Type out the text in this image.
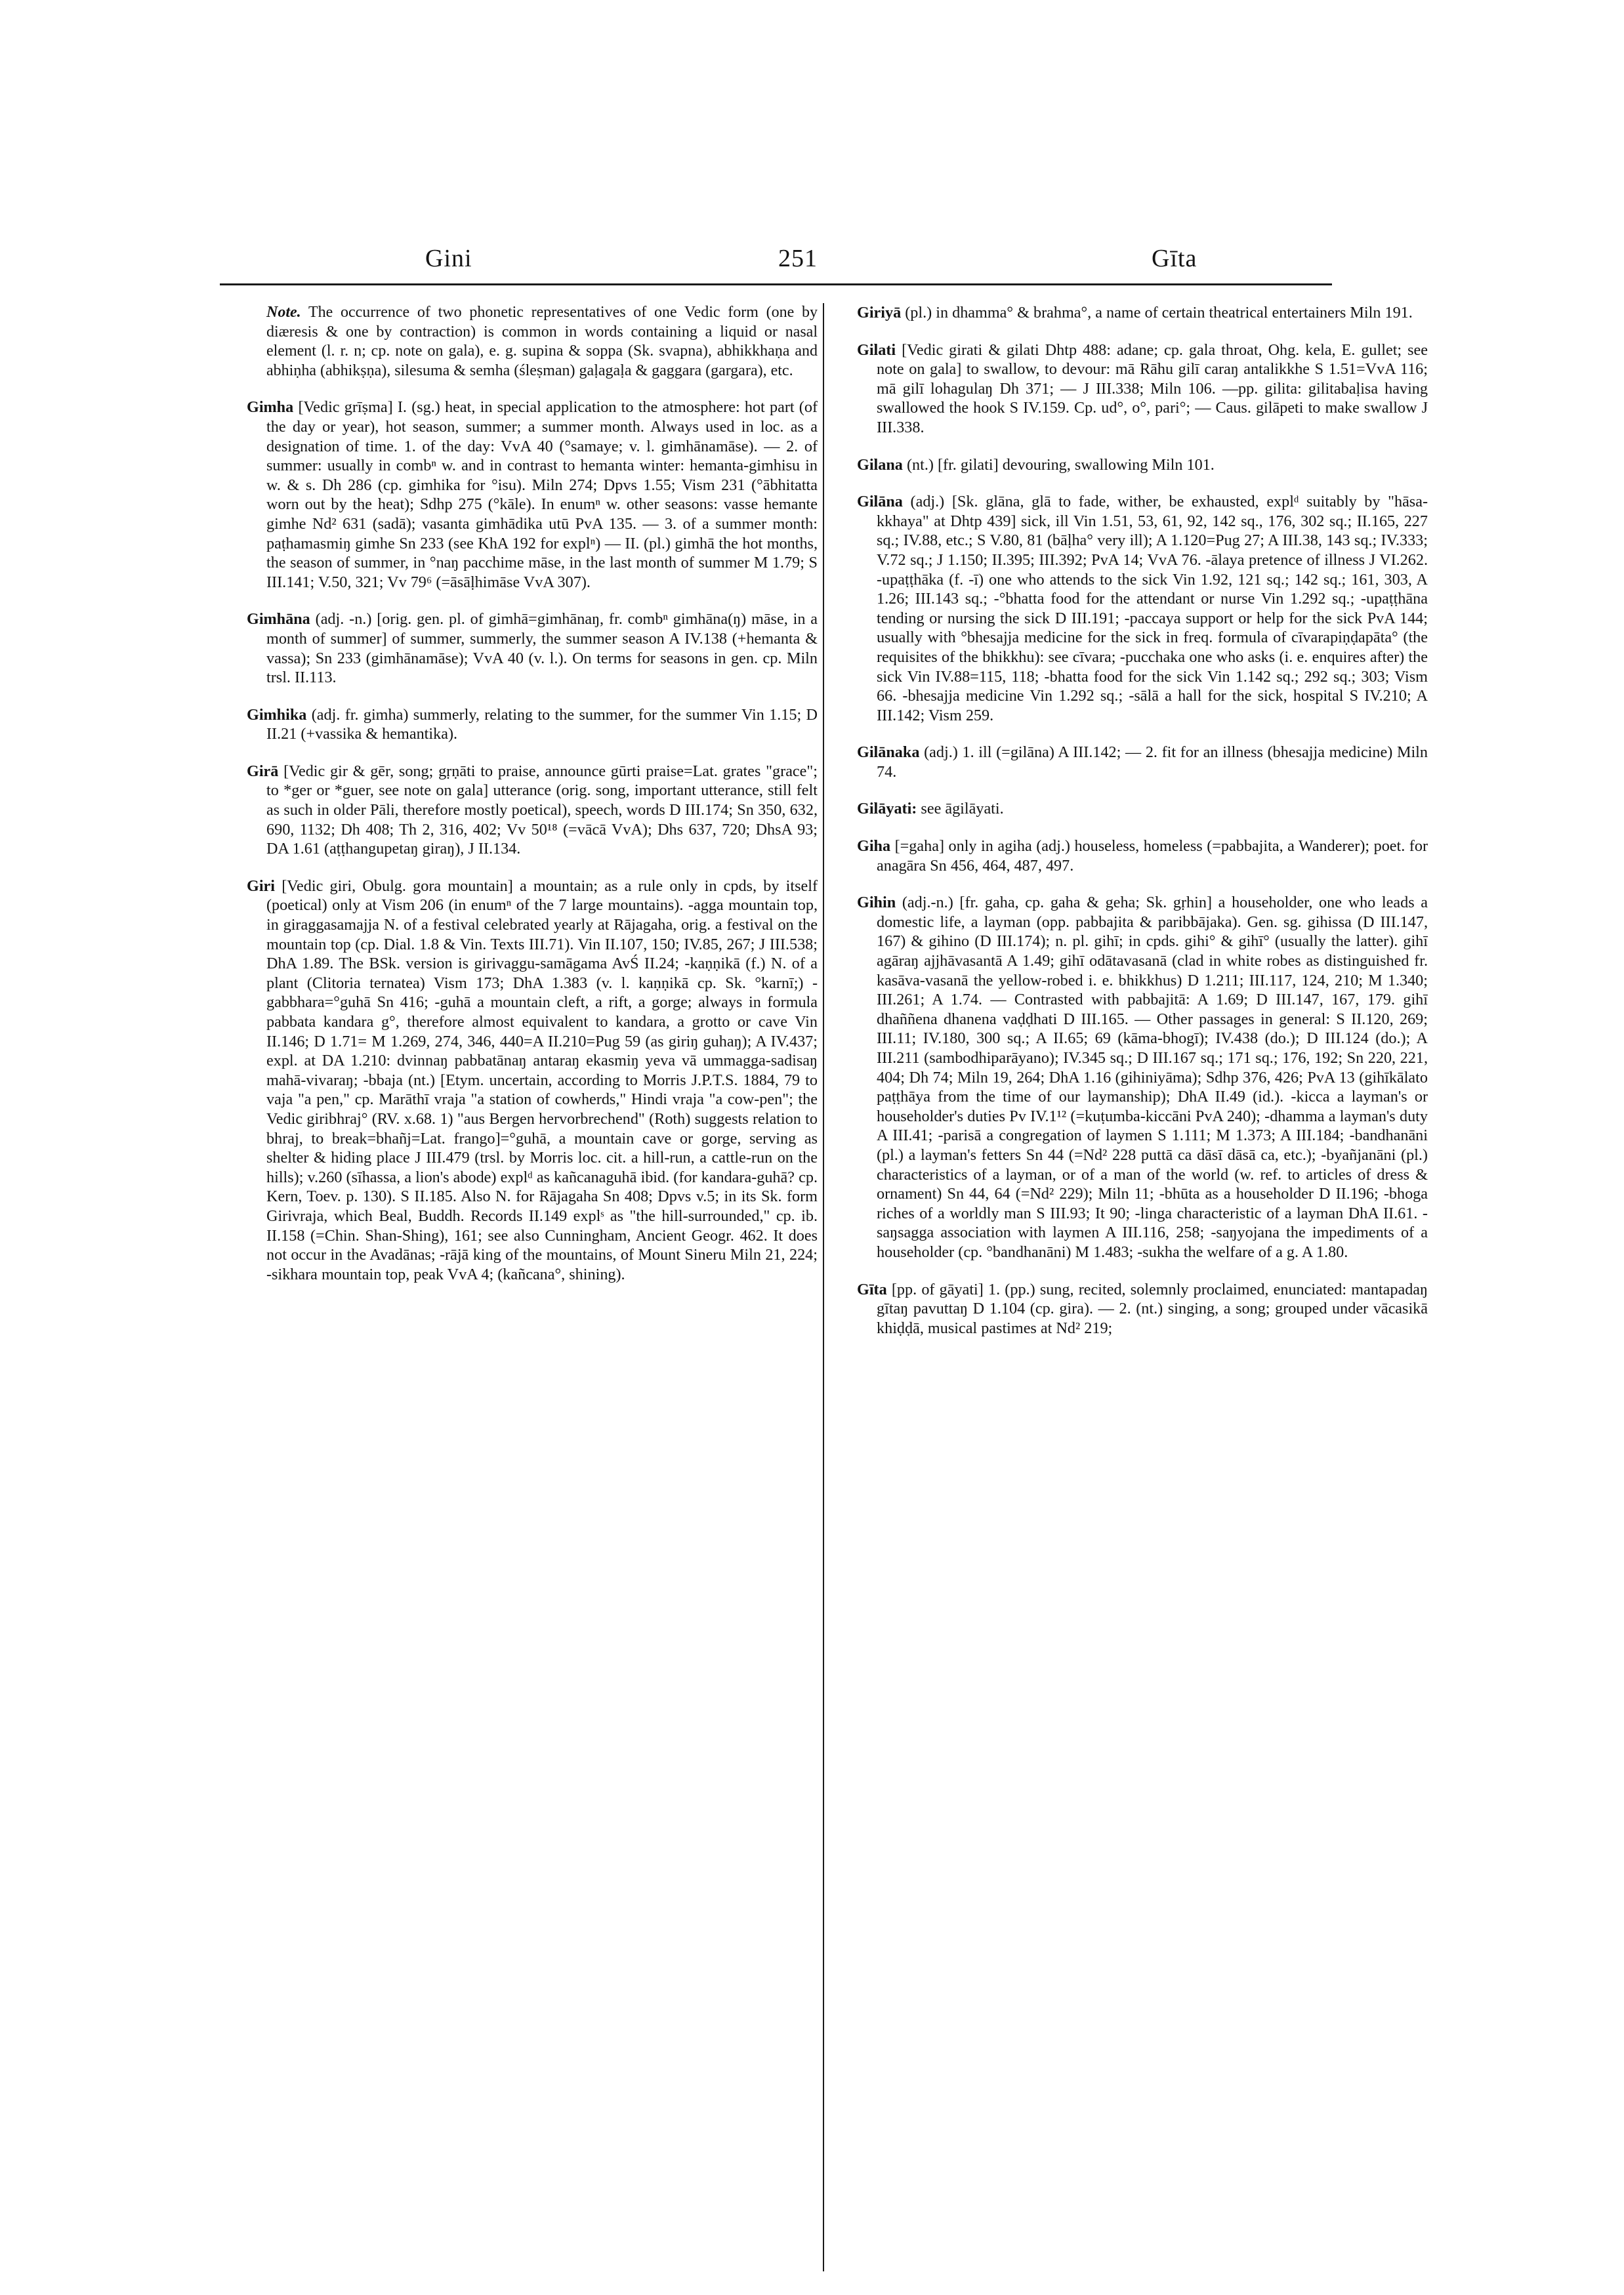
Gini	251	Gīta

Note. The occurrence of two phonetic representatives of one Vedic form (one by diæresis & one by contraction) is common in words containing a liquid or nasal element (l. r. n; cp. note on gala), e. g. supina & soppa (Sk. svapna), abhikkhaṇa and abhiṇha (abhikṣṇa), silesuma & semha (śleṣman) gaḷagaḷa & gaggara (gargara), etc.

Gimha [Vedic grīṣma] I. (sg.) heat, in special application to the atmosphere: hot part (of the day or year), hot season, summer; a summer month. Always used in loc. as a designation of time. 1. of the day: VvA 40 (°samaye; v. l. gimhānamāse). — 2. of summer: usually in combⁿ w. and in contrast to hemanta winter: hemanta-gimhisu in w. & s. Dh 286 (cp. gimhika for °isu). Miln 274; Dpvs 1.55; Vism 231 (°ābhitatta worn out by the heat); Sdhp 275 (°kāle). In enumⁿ w. other seasons: vasse hemante gimhe Nd² 631 (sadā); vasanta gimhādika utū PvA 135. — 3. of a summer month: paṭhamasmiŋ gimhe Sn 233 (see KhA 192 for explⁿ) — II. (pl.) gimhā the hot months, the season of summer, in °naŋ pacchime māse, in the last month of summer M 1.79; S III.141; V.50, 321; Vv 79⁶ (=āsāḷhimāse VvA 307).

Gimhāna (adj. -n.) [orig. gen. pl. of gimhā=gimhānaŋ, fr. combⁿ gimhāna(ŋ) māse, in a month of summer] of summer, summerly, the summer season A IV.138 (+hemanta & vassa); Sn 233 (gimhānamāse); VvA 40 (v. l.). On terms for seasons in gen. cp. Miln trsl. II.113.

Gimhika (adj. fr. gimha) summerly, relating to the summer, for the summer Vin 1.15; D II.21 (+vassika & hemantika).

Girā [Vedic gir & gēr, song; gṛṇāti to praise, announce gūrti praise=Lat. grates "grace"; to *ger or *guer, see note on gala] utterance (orig. song, important utterance, still felt as such in older Pāli, therefore mostly poetical), speech, words D III.174; Sn 350, 632, 690, 1132; Dh 408; Th 2, 316, 402; Vv 50¹⁸ (=vācā VvA); Dhs 637, 720; DhsA 93; DA 1.61 (aṭṭhangupetaŋ giraŋ), J II.134.

Giri [Vedic giri, Obulg. gora mountain] a mountain; as a rule only in cpds, by itself (poetical) only at Vism 206 (in enumⁿ of the 7 large mountains). -agga mountain top, in giraggasamajja N. of a festival celebrated yearly at Rājagaha, orig. a festival on the mountain top (cp. Dial. 1.8 & Vin. Texts III.71). Vin II.107, 150; IV.85, 267; J III.538; DhA 1.89. The BSk. version is girivaggu-samāgama AvŚ II.24; -kaṇṇikā (f.) N. of a plant (Clitoria ternatea) Vism 173; DhA 1.383 (v. l. kaṇṇikā cp. Sk. °karnī;) -gabbhara=°guhā Sn 416; -guhā a mountain cleft, a rift, a gorge; always in formula pabbata kandara g°, therefore almost equivalent to kandara, a grotto or cave Vin II.146; D 1.71= M 1.269, 274, 346, 440=A II.210=Pug 59 (as giriŋ guhaŋ); A IV.437; expl. at DA 1.210: dvinnaŋ pabbatānaŋ antaraŋ ekasmiŋ yeva vā ummagga-sadisaŋ mahā-vivaraŋ; -bbaja (nt.) [Etym. uncertain, according to Morris J.P.T.S. 1884, 79 to vaja "a pen," cp. Marāthī vraja "a station of cowherds," Hindi vraja "a cow-pen"; the Vedic giribhraj° (RV. x.68. 1) "aus Bergen hervorbrechend" (Roth) suggests relation to bhraj, to break=bhañj=Lat. frango]=°guhā, a mountain cave or gorge, serving as shelter & hiding place J III.479 (trsl. by Morris loc. cit. a hill-run, a cattle-run on the hills); v.260 (sīhassa, a lion's abode) explᵈ as kañcanaguhā ibid. (for kandara-guhā? cp. Kern, Toev. p. 130). S II.185. Also N. for Rājagaha Sn 408; Dpvs v.5; in its Sk. form Girivraja, which Beal, Buddh. Records II.149 explˢ as "the hill-surrounded," cp. ib. II.158 (=Chin. Shan-Shing), 161; see also Cunningham, Ancient Geogr. 462. It does not occur in the Avadānas; -rājā king of the mountains, of Mount Sineru Miln 21, 224; -sikhara mountain top, peak VvA 4; (kañcana°, shining).

Giriyā (pl.) in dhamma° & brahma°, a name of certain theatrical entertainers Miln 191.

Gilati [Vedic girati & gilati Dhtp 488: adane; cp. gala throat, Ohg. kela, E. gullet; see note on gala] to swallow, to devour: mā Rāhu gilī caraŋ antalikkhe S 1.51=VvA 116; mā gilī lohagulaŋ Dh 371; — J III.338; Miln 106. —pp. gilita: gilitabaḷisa having swallowed the hook S IV.159. Cp. ud°, o°, pari°; — Caus. gilāpeti to make swallow J III.338.

Gilana (nt.) [fr. gilati] devouring, swallowing Miln 101.

Gilāna (adj.) [Sk. glāna, glā to fade, wither, be exhausted, explᵈ suitably by "hāsa-kkhaya" at Dhtp 439] sick, ill Vin 1.51, 53, 61, 92, 142 sq., 176, 302 sq.; II.165, 227 sq.; IV.88, etc.; S V.80, 81 (bāḷha° very ill); A 1.120=Pug 27; A III.38, 143 sq.; IV.333; V.72 sq.; J 1.150; II.395; III.392; PvA 14; VvA 76. -ālaya pretence of illness J VI.262. -upaṭṭhāka (f. -ī) one who attends to the sick Vin 1.92, 121 sq.; 142 sq.; 161, 303, A 1.26; III.143 sq.; -°bhatta food for the attendant or nurse Vin 1.292 sq.; -upaṭṭhāna tending or nursing the sick D III.191; -paccaya support or help for the sick PvA 144; usually with °bhesajja medicine for the sick in freq. formula of cīvarapiṇḍapāta° (the requisites of the bhikkhu): see cīvara; -pucchaka one who asks (i. e. enquires after) the sick Vin IV.88=115, 118; -bhatta food for the sick Vin 1.142 sq.; 292 sq.; 303; Vism 66. -bhesajja medicine Vin 1.292 sq.; -sālā a hall for the sick, hospital S IV.210; A III.142; Vism 259.

Gilānaka (adj.) 1. ill (=gilāna) A III.142; — 2. fit for an illness (bhesajja medicine) Miln 74.

Gilāyati: see āgilāyati.

Giha [=gaha] only in agiha (adj.) houseless, homeless (=pabbajita, a Wanderer); poet. for anagāra Sn 456, 464, 487, 497.

Gihin (adj.-n.) [fr. gaha, cp. gaha & geha; Sk. gṛhin] a householder, one who leads a domestic life, a layman (opp. pabbajita & paribbājaka). Gen. sg. gihissa (D III.147, 167) & gihino (D III.174); n. pl. gihī; in cpds. gihi° & gihī° (usually the latter). gihī agāraŋ ajjhāvasantā A 1.49; gihī odātavasanā (clad in white robes as distinguished fr. kasāva-vasanā the yellow-robed i. e. bhikkhus) D 1.211; III.117, 124, 210; M 1.340; III.261; A 1.74. — Contrasted with pabbajitā: A 1.69; D III.147, 167, 179. gihī dhaññena dhanena vaḍḍhati D III.165. — Other passages in general: S II.120, 269; III.11; IV.180, 300 sq.; A II.65; 69 (kāma-bhogī); IV.438 (do.); D III.124 (do.); A III.211 (sambodhiparāyano); IV.345 sq.; D III.167 sq.; 171 sq.; 176, 192; Sn 220, 221, 404; Dh 74; Miln 19, 264; DhA 1.16 (gihiniyāma); Sdhp 376, 426; PvA 13 (gihīkālato paṭṭhāya from the time of our laymanship); DhA II.49 (id.). -kicca a layman's or householder's duties Pv IV.1¹² (=kuṭumba-kiccāni PvA 240); -dhamma a layman's duty A III.41; -parisā a congregation of laymen S 1.111; M 1.373; A III.184; -bandhanāni (pl.) a layman's fetters Sn 44 (=Nd² 228 puttā ca dāsī dāsā ca, etc.); -byañjanāni (pl.) characteristics of a layman, or of a man of the world (w. ref. to articles of dress & ornament) Sn 44, 64 (=Nd² 229); Miln 11; -bhūta as a householder D II.196; -bhoga riches of a worldly man S III.93; It 90; -linga characteristic of a layman DhA II.61. -saŋsagga association with laymen A III.116, 258; -saŋyojana the impediments of a householder (cp. °bandhanāni) M 1.483; -sukha the welfare of a g. A 1.80.

Gīta [pp. of gāyati] 1. (pp.) sung, recited, solemnly proclaimed, enunciated: mantapadaŋ gītaŋ pavuttaŋ D 1.104 (cp. gira). — 2. (nt.) singing, a song; grouped under vācasikā khiḍḍā, musical pastimes at Nd² 219;
